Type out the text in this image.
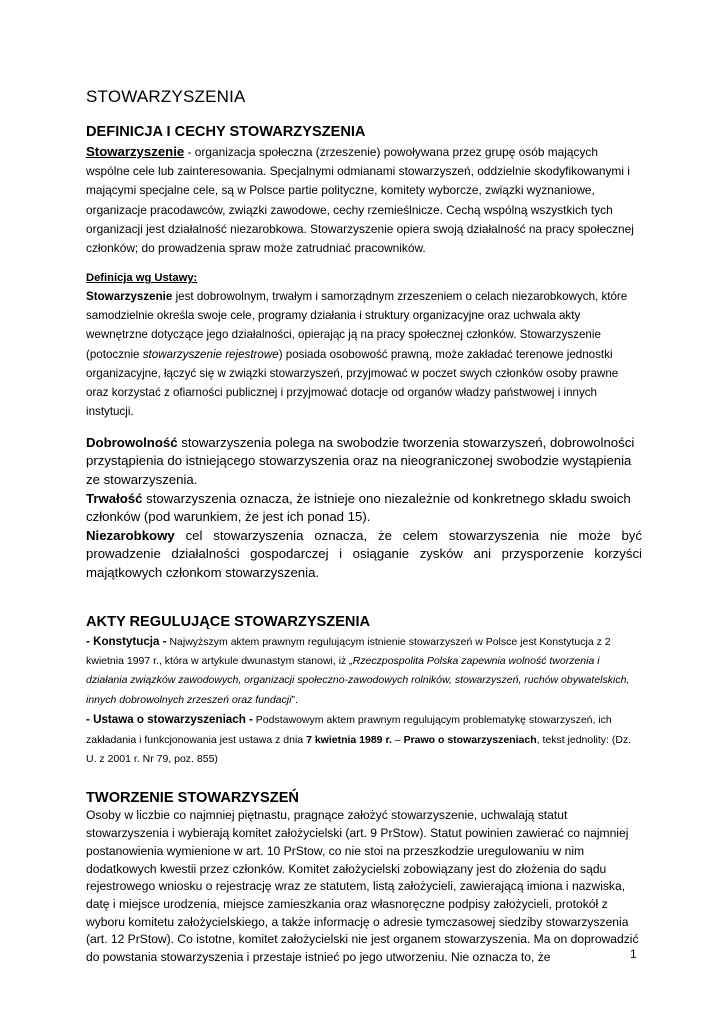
STOWARZYSZENIA
DEFINICJA I CECHY STOWARZYSZENIA

Stowarzyszenie - organizacja społeczna (zrzeszenie) powoływana przez grupę osób mających wspólne cele lub zainteresowania. Specjalnymi odmianami stowarzyszeń, oddzielnie skodyfikowanymi i mającymi specjalne cele, są w Polsce partie polityczne, komitety wyborcze, związki wyznaniowe, organizacje pracodawców, związki zawodowe, cechy rzemieślnicze. Cechą wspólną wszystkich tych organizacji jest działalność niezarobkowa. Stowarzyszenie opiera swoją działalność na pracy społecznej członków; do prowadzenia spraw może zatrudniać pracowników.

Definicja wg Ustawy:

Stowarzyszenie jest dobrowolnym, trwałym i samorządnym zrzeszeniem o celach niezarobkowych, które samodzielnie określa swoje cele, programy działania i struktury organizacyjne oraz uchwala akty wewnętrzne dotyczące jego działalności, opierając ją na pracy społecznej członków. Stowarzyszenie (potocznie stowarzyszenie rejestrowe) posiada osobowość prawną, może zakładać terenowe jednostki organizacyjne, łączyć się w związki stowarzyszeń, przyjmować w poczet swych członków osoby prawne oraz korzystać z ofiarności publicznej i przyjmować dotacje od organów władzy państwowej i innych instytucji.

Dobrowolność stowarzyszenia polega na swobodzie tworzenia stowarzyszeń, dobrowolności przystąpienia do istniejącego stowarzyszenia oraz na nieograniczonej swobodzie wystąpienia ze stowarzyszenia.

Trwałość stowarzyszenia oznacza, że istnieje ono niezależnie od konkretnego składu swoich członków (pod warunkiem, że jest ich ponad 15).

Niezarobkowy cel stowarzyszenia oznacza, że celem stowarzyszenia nie może być prowadzenie działalności gospodarczej i osiąganie zysków ani przysporzenie korzyści majątkowych członkom stowarzyszenia.

AKTY REGULUJĄCE STOWARZYSZENIA

- Konstytucja - Najwyższym aktem prawnym regulującym istnienie stowarzyszeń w Polsce jest Konstytucja z 2 kwietnia 1997 r., która w artykule dwunastym stanowi, iż „Rzeczpospolita Polska zapewnia wolność tworzenia i działania związków zawodowych, organizacji społeczno-zawodowych rolników, stowarzyszeń, ruchów obywatelskich, innych dobrowolnych zrzeszeń oraz fundacji”.

- Ustawa o stowarzyszeniach - Podstawowym aktem prawnym regulującym problematykę stowarzyszeń, ich zakładania i funkcjonowania jest ustawa z dnia 7 kwietnia 1989 r. – Prawo o stowarzyszeniach, tekst jednolity: (Dz. U. z 2001 r. Nr 79, poz. 855)

TWORZENIE STOWARZYSZEŃ

Osoby w liczbie co najmniej piętnastu, pragnące założyć stowarzyszenie, uchwalają statut stowarzyszenia i wybierają komitet założycielski (art. 9 PrStow). Statut powinien zawierać co najmniej postanowienia wymienione w art. 10 PrStow, co nie stoi na przeszkodzie uregulowaniu w nim dodatkowych kwestii przez członków. Komitet założycielski zobowiązany jest do złożenia do sądu rejestrowego wniosku o rejestrację wraz ze statutem, listą założycieli, zawierającą imiona i nazwiska, datę i miejsce urodzenia, miejsce zamieszkania oraz własnoręczne podpisy założycieli, protokół z wyboru komitetu założycielskiego, a także informację o adresie tymczasowej siedziby stowarzyszenia (art. 12 PrStow). Co istotne, komitet założycielski nie jest organem stowarzyszenia. Ma on doprowadzić do powstania stowarzyszenia i przestaje istnieć po jego utworzeniu. Nie oznacza to, że	1
